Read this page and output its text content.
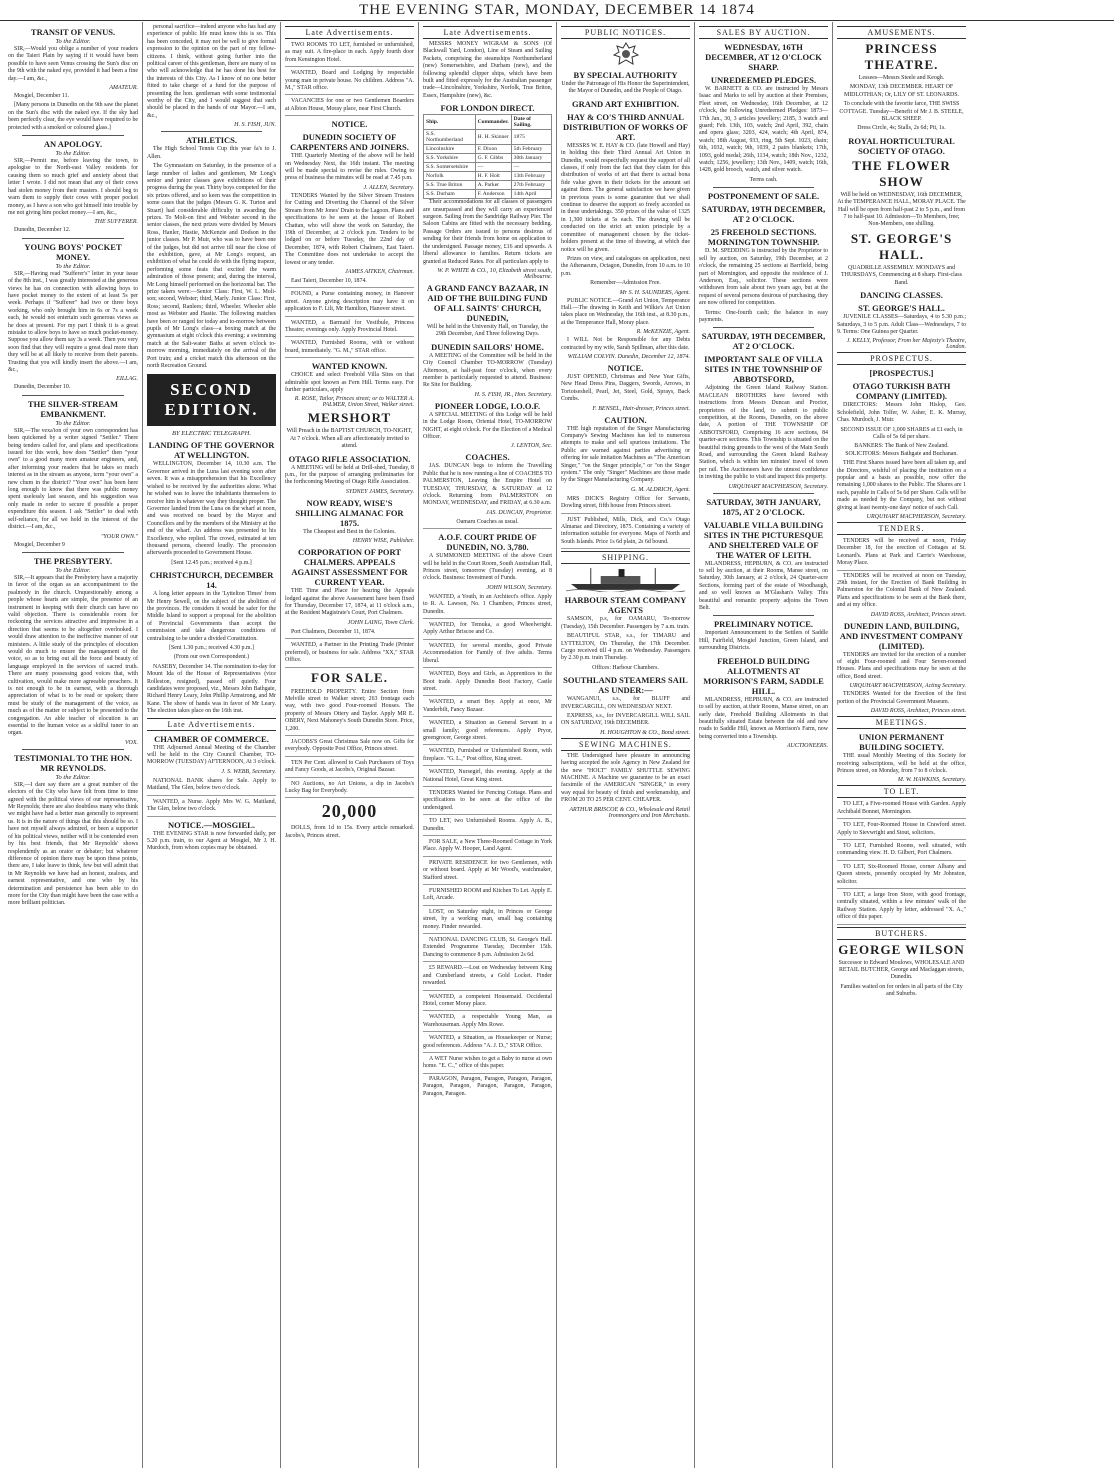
THE EVENING STAR, MONDAY, DECEMBER 14 1874
TRANSIT OF VENUS.
To the Editor.

SIR,—Would you oblige a number of your readers on the Taieri Plain by saying if it would have been possible to have seen Venus crossing the Sun's disc on the 9th with the naked eye, provided it had been a fine day.—I am, &c.,

AMATEUR.

Mosgiel, December 11.

[Many persons in Dunedin on the 9th saw the planet on the Sun's disc with the naked eye. If the sky had been perfectly clear, the eye would have required to be protected with a smoked or coloured glass.]

AN APOLOGY.
To the Editor.

SIR,—Permit me, before leaving the town, to apologise to the North-east Valley residents for causing them so much grief and anxiety about that letter I wrote. I did not mean that any of their cows had stolen money from their masters. I should beg to warn them to supply their cows with proper pocket money, as I have a son who got himself into trouble by me not giving him pocket money.—I am, &c.,

THE SUFFERER.

Dunedin, December 12.

YOUNG BOYS' POCKET MONEY.
To the Editor.

SIR,—Having read "Sufferer's" letter in your issue of the 8th inst., I was greatly interested at the generous views he has on connection with allowing boys to have pocket money to the extent of at least 5s per week. Perhaps if "Sufferer" had two or three boys working, who only brought him in 6s or 7s a week each, he would not entertain such generous views as he does at present. For my part I think it is a great mistake to allow boys to have so much pocket-money. Suppose you allow them say 3s a week. Then you very soon find that they will require a great deal more than they will be at all likely to receive from their parents. Trusting that you will kindly insert the above.—I am, &c.,

EILLAG.

Dunedin, December 10.

THE SILVER-STREAM EMBANKMENT.
To the Editor.

SIR,—The vexa'ion of your own correspondent has been quickened by a writer signed "Settler." There being tenders called for, and plans and specifications issued for this work, how does "Settler" then "your own" to a good many more amateur engineers, and, after informing your readers that he takes so much interest as in the stream as anyone, term "your own" a new chum in the district? "Your own" has been here long enough to know that there was public money spent uselessly last season, and his suggestion was only made in order to secure if possible a proper expenditure this season. I ask "Settler" to deal with self-reliance, for all we hold in the interest of the district.—I am, &c.,

"YOUR OWN."

Mosgiel, December 9

THE PRESBYTERY.
To the Editor.

SIR,—It appears that the Presbytery have a majority in favor of the organ as an accompaniment to the psalmody in the church. Unquestionably among a people whose hearts are simple, the presence of an instrument in keeping with their church can have no valid objection. There is considerable room for reckoning the services attractive and impressive in a direction that seems to be altogether overlooked. I would draw attention to the ineffective manner of our ministers. A little study of the principles of elocution would do much to ensure the management of the voice, so as to bring out all the force and beauty of language employed in the services of sacred truth. There are many possessing good voices that, with cultivation, would make more agreeable preachers. It is not enough to be in earnest, with a thorough appreciation of what is to be read or spoken; there must be study of the management of the voice, as much as of the matter or subject to be presented to the congregation. An able teacher of elocution is an essential to the human voice as a skilful tuner to an organ.

VOX.
TESTIMONIAL TO THE HON. MR REYNOLDS.
To the Editor.

SIR,—I dare say there are a great number of the electors of the City who have felt from time to time agreed with the political views of our representative, Mr Reynolds; there are also doubtless many who think we might have had a better man generally to represent us. It is in the nature of things that this should be so. I have not myself always admired, or been a supporter of his political views, neither will it be contended even by his best friends, that Mr Reynolds' shows resplendently as an orator or debater; but whatever difference of opinion there may be upon these points, there are, I take leave to think, few but will admit that in Mr Reynolds we have had an honest, zealous, and earnest representative, and one who by his determination and persistence has been able to do more for the City than might have been the case with a more brilliant politician.

personal sacrifice—indeed anyone who has had any experience of public life must know this is so. This has been conceded, it may not be well to give formal expression to the opinion on the part of my fellow-citizens. I think, without going further into the political career of this gentleman, there are many of us who will acknowledge that he has done his best for the interests of this City. As I know of no one better fitted to take charge of a fund for the purpose of presenting the hon. gentleman with some testimonial worthy of the City, and I would suggest that such should be placed in the hands of our Mayor.—I am, &c.,

H. S. FISH, JUN.
ATHLETICS.

The High School Tennis Cup this year fa's to J. Allen.

The Gymnasium on Saturday, in the presence of a large number of ladies and gentlemen, Mr Long's senior and junior classes gave exhibitions of their progress during the year. Thirty boys competed for the six prizes offered, and so keen was the competition in some cases that the judges (Messrs G. K. Turton and Stuart) had considerable difficulty in awarding the prizes. To Moli-on first and Webster second in the senior classes, the next prizes were divided by Messrs Ross, Hanler, Hastie, McKenzie and Dodson in the junior classes. Mr P. Muir, who was to have been one of the judges, but did not arrive till near the close of the exhibition, gave, at Mr Long's request, an exhibition of what he could do with the flying trapeze, performing some feats that excited the warm admiration of those present; and, during the interval, Mr Long himself performed on the horizontal bar. The prize takers were:—Senior Class: First, W. L. Moli-son; second, Webster; third, Marly. Junior Class: First, Ross; second, Ranlees; third, Wheeler. Wheeler able most as Webster and Hastie. The following matches have been or ranged for today and to-morrow between pupils of Mr Long's class—a boxing match at the gymnasium at eight o'clock this evening; a swimming match at the Salt-water Baths at seven o'clock to-morrow morning, immediately on the arrival of the Port train; and a cricket match this afternoon on the north Recreation Ground.

SECOND EDITION.
BY ELECTRIC TELEGRAPH.
LANDING OF THE GOVERNOR AT WELLINGTON.

WELLINGTON, December 14, 10.30 a.m. The Governor arrived in the Luna last evening soon after seven. It was a misapprehension that his Excellency wished to be received by the authorities alone. What he wished was to leave the inhabitants themselves to receive him in whatever way they thought proper. The Governor landed from the Luna on the wharf at noon, and was received on board by the Mayor and Councillors and by the members of the Ministry at the end of the wharf. An address was presented to his Excellency, who replied. The crowd, estimated at ten thousand persons, cheered loudly. The procession afterwards proceeded to Government House.

[Sent 12.45 p.m.; received 4 p.m.]

CHRISTCHURCH, DECEMBER 14.

A long letter appears in the 'Lyttelton Times' from Mr Henry Sewell, on the subject of the abolition of the provinces. He considers it would be safer for the Middle Island to support a proposal for the abolition of Provincial Governments than accept the commission and take dangerous conditions of centralising to be under a divided Constitution.

[Sent 1.30 p.m.; received 4.30 p.m.]

(From our own Correspondent.)

NASEBY, December 14. The nomination to-day for Mount Ida of the House of Representatives (vice Rolleston, resigned), passed off quietly. Four candidates were proposed, viz., Messrs John Bathgate, Richard Henry Leary, John Phillip Armstrong, and Mr Kane. The show of hands was in favor of Mr Leary. The election takes place on the 16th inst.

Late Advertisements.
CHAMBER OF COMMERCE.

THE Adjourned Annual Meeting of the Chamber will be held in the City Council Chamber, TO-MORROW (TUESDAY) AFTERNOON, At 3 o'clock.

J. S. WEBB, Secretary.

NATIONAL BANK shares for Sale. Apply to Maitland, The Glen, below two o'clock.

WANTED, a Nurse. Apply Mrs W. G. Maitland, The Glen, below two o'clock.

NOTICE.—MOSGIEL.

THE EVENING STAR is now forwarded daily, per 5.20 p.m. train, to our Agent at Mosgiel, Mr J. H. Murdoch, from whom copies may be obtained.

Late Advertisements.

TWO ROOMS TO LET, furnished or unfurnished, as may suit. A fire-place in each. Apply fourth door from Kensington Hotel.

WANTED, Board and Lodging by respectable young man in private house. No children. Address "A. M.," STAR office.

VACANCIES for one or two Gentlemen Boarders at Albion House, Moray place, near First Church.

NOTICE.
DUNEDIN SOCIETY OF CARPENTERS AND JOINERS.

THE Quarterly Meeting of the above will be held on Wednesday Next, the 16th instant. The meeting will be made special to revise the rules. Owing to press of business the minutes will be read at 7.45 p.m.

J. ALLEN, Secretary.

TENDERS Wanted by the Silver Stream Trustees for Cutting and Diverting the Channel of the Silver Stream from Mr Jones' Drain to the Lagoon. Plans and specifications to be seen at the house of Robert Chattan, who will show the work on Saturday, the 19th of December, at 2 o'clock p.m. Tenders to be lodged on or before Tuesday, the 22nd day of December, 1874, with Robert Chalmers, East Taieri. The Committee does not undertake to accept the lowest or any tender.

JAMES AITKEN, Chairman.

East Taieri, December 10, 1874.

FOUND, a Purse containing money, in Hanover street. Anyone giving description may have it on application to F. Lilt, Mr Hamilton, Hanover street.

WANTED, a Barmaid for Vestibule, Princess Theatre; evenings only. Apply Provincial Hotel.

WANTED, Furnished Rooms, with or without board, immediately. "G. M.," STAR office.

WANTED KNOWN.

CHOICE and select Freehold Villa Sites on that admirable spot known as Fern Hill. Terms easy. For further particulars, apply

R. ROSE, Tailor, Princes street; or to WALTER A. PALMER, Union Street, Walker street.
MERSHORT

Will Preach in the BAPTIST CHURCH, TO-NIGHT, At 7 o'clock. When all are affectionately invited to attend.

OTAGO RIFLE ASSOCIATION.

A MEETING will be held at Drill-shed, Tuesday, 8 p.m., for the purpose of arranging preliminaries for the forthcoming Meeting of Otago Rifle Association.

SYDNEY JAMES, Secretary.
NOW READY, WISE'S SHILLING ALMANAC FOR 1875.

The Cheapest and Best in the Colonies.

HENRY WISE, Publisher.
CORPORATION OF PORT CHALMERS. APPEALS AGAINST ASSESSMENT FOR CURRENT YEAR.

THE Time and Place for hearing the Appeals lodged against the above Assessment have been fixed for Thursday, December 17, 1874, at 11 o'clock a.m., at the Resident Magistrate's Court, Port Chalmers.

JOHN LAING, Town Clerk.

Port Chalmers, December 11, 1874.

WANTED, a Partner in the Printing Trade (Printer preferred), or business for sale. Address "XX," STAR Office.

FOR SALE.

FREEHOLD PROPERTY. Entire Section from Melville street to Walker street; 263 frontage each way, with two good Four-roomed Houses. The property of Messrs Ottery and Taylor. Apply MR E. OBERY, Next Mahoney's South Dunedin Store. Price, 1,200.

JACOBS'S Great Christmas Sale now on. Gifts for everybody. Opposite Post Office, Princes street.

TEN Per Cent. allowed to Cash Purchasers of Toys and Fancy Goods, at Jacobs's, Original Bazaar.

NO Auctions, no Art Unions, a dip in Jacobs's Lucky Bag for Everybody.

20,000

DOLLS, from 1d to 15s. Every article remarked. Jacobs's, Princes street.

Late Advertisements.

MESSRS MONEY WIGRAM & SONS (Of Blackwall Yard, London), Line of Steam and Sailing Packets, comprising the steamships Northumberland (new) Somersetshire, and Durham (new), and the following splendid clipper ships, which have been built and fitted expressly for the Australian passenger trade—Lincolnshire, Yorkshire, Norfolk, True Briton, Essex, Hampshire (new), &c.

FOR LONDON DIRECT.
Ship.	Commander.	Date of Sailing.
S.S. Northumberland	H. H. Skinner	1875
Lincolnshire	F. Dixon	5th February
S.S. Yorkshire	G. F. Gibbs	30th January
S.S. Somersetshire	—	—
Norfolk	H. F. Holt	13th February
S.S. True Briton	A. Parker	27th February
S.S. Durham	F. Anderson	14th April

Their accommodations for all classes of passengers are unsurpassed and they will carry an experienced surgeon. Sailing from the Sandridge Railway Pier. The Saloon Cabins are fitted with the necessary bedding. Passage Orders are issued to persons desirous of sending for their friends from home on application to the undersigned. Passage money, £16 and upwards. A liberal allowance to families. Return tickets are granted at Reduced Rates. For all particulars apply to

W. P. WHITE & CO., 10, Elizabeth street south, Melbourne.
A GRAND FANCY BAZAAR, IN AID OF THE BUILDING FUND OF ALL SAINTS' CHURCH, DUNEDIN,

Will be held in the University Hall, on Tuesday, the 29th December, And Three following Days.

DUNEDIN SAILORS' HOME.

A MEETING of the Committee will be held in the City Council Chamber TO-MORROW (Tuesday) Afternoon, at half-past four o'clock, when every member is particularly requested to attend. Business: Re Site for Building.

H. S. FISH, JR., Hon. Secretary.
PIONEER LODGE, I.O.O.F.

A SPECIAL MEETING of this Lodge will be held in the Lodge Room, Oriental Hotel, TO-MORROW NIGHT, at eight o'clock. For the Election of a Medical Officer.

J. LENTON, Sec.
COACHES.

JAS. DUNCAN begs to inform the Travelling Public that he is now running a line of COACHES TO PALMERSTON, Leaving the Empire Hotel on TUESDAY, THURSDAY, & SATURDAY at 12 o'clock. Returning from PALMERSTON on MONDAY, WEDNESDAY, and FRIDAY, at 6.30 a.m.

JAS. DUNCAN, Proprietor.

Oamaru Coaches as usual.

A.O.F. COURT PRIDE OF DUNEDIN, NO. 3,780.

A SUMMONED MEETING of the above Court will be held in the Court Room, South Australian Hall, Princes street, tomorrow (Tuesday) evening, at 8 o'clock. Business: Investment of Funds.

JOHN WILSON, Secretary.

WANTED, a Youth, in an Architect's office. Apply to R. A. Lawson, No. 1 Chambers, Princes street, Dunedin.

WANTED, for Temuka, a good Wheelwright. Apply Arthur Briscoe and Co.

WANTED, for several months, good Private Accommodation for Family of five adults. Terms liberal.

WANTED, Boys and Girls, as Apprentices to the Boot trade. Apply Dunedin Boot Factory, Castle street.

WANTED, a smart Boy. Apply at once, Mr Vanderbilt, Fancy Bazaar.

WANTED, a Situation as General Servant in a small family; good references. Apply Pryor, greengrocer, George street.

WANTED, Furnished or Unfurnished Room, with fireplace. "G. L.," Post office, King street.

WANTED, Nursegirl, this evening. Apply at the National Hotel, Great King street.

TENDERS Wanted for Fencing Cottage. Plans and specifications to be seen at the office of the undersigned.

TO LET, two Unfurnished Rooms. Apply A. B., Dunedin.

FOR SALE, a New Three-Roomed Cottage in York Place. Apply W. Hooper, Land Agent.

PRIVATE RESIDENCE for two Gentlemen, with or without board. Apply at Mr Wood's, watchmaker, Stafford street.

FURNISHED ROOM and Kitchen To Let. Apply E. Loft, Arcade.

LOST, on Saturday night, in Princes or George street, by a working man, small bag containing money. Finder rewarded.

NATIONAL DANCING CLUB, St. George's Hall. Extended Programme Tuesday, December 15th. Dancing to commence 8 p.m. Admission 2s 6d.

£5 REWARD.—Lost on Wednesday between King and Cumberland streets, a Gold Locket. Finder rewarded.

WANTED, a competent Housemaid. Occidental Hotel, corner Moray place.

WANTED, a respectable Young Man, as Warehouseman. Apply Mrs Rowe.

WANTED, a Situation, as Housekeeper or Nurse; good references. Address "A. J. D.," STAR Office.

A WET Nurse wishes to get a Baby to nurse at own home. "E. C.," office of this paper.

PARAGON, Paragon, Paragon, Paragon, Paragon, Paragon, Paragon, Paragon, Paragon, Paragon, Paragon, Paragon.

PUBLIC NOTICES.
BY SPECIAL AUTHORITY

Under the Patronage of His Honor the Superintendent, the Mayor of Dunedin, and the People of Otago.

GRAND ART EXHIBITION.
HAY & CO'S THIRD ANNUAL DISTRIBUTION OF WORKS OF ART.

MESSRS W. E. HAY & CO. (late Howell and Hay) in holding this their Third Annual Art Union in Dunedin, would respectfully request the support of all classes, if only from the fact that they claim for this distribution of works of art that there is actual bona fide value given in their tickets for the amount set against them. The general satisfaction we have given in previous years is some guarantee that we shall continue to deserve the support so freely accorded us in these undertakings. 350 prizes of the value of 1325 in 1,300 tickets at 5s each. The drawing will be conducted on the strict art union principle by a committee of management chosen by the ticket-holders present at the time of drawing, at which due notice will be given.

Prizes on view, and catalogues on application, next the Athenaeum, Octagon, Dunedin, from 10 a.m. to 10 p.m.

Remember—Admission Free.

Mr S. H. SAUNDERS, Agent.

PUBLIC NOTICE.—Grand Art Union, Temperance Hall.—The drawing in Keith and Wilkie's Art Union takes place on Wednesday, the 16th inst., at 8.30 p.m., at the Temperance Hall, Moray place.

R. McKENZIE, Agent.

I WILL Not be Responsible for any Debts contracted by my wife, Sarah Spillman, after this date.

WILLIAM COLVIN. Dunedin, December 12, 1874.
NOTICE.

JUST OPENED, Christmas and New Year Gifts, New Head Dress Pins, Daggers, Swords, Arrows, in Tortoiseshell, Pearl, Jet, Steel, Gold, Sprays, Back Combs.

F. BENSEL, Hair-dresser, Princes street.
CAUTION.

THE high reputation of the Singer Manufacturing Company's Sewing Machines has led to numerous attempts to make and sell spurious imitations. The Public are warned against parties advertising or offering for sale imitation Machines as "The American Singer," "on the Singer principle," or "on the Singer system." The only "Singer" Machines are those made by the Singer Manufacturing Company.

G. M. ALDRICH, Agent.

MRS DICK'S Registry Office for Servants, Dowling street, fifth house from Princes street.

JUST Published, Mills, Dick, and Co.'s Otago Almanac and Directory, 1875. Containing a variety of information suitable for everyone. Maps of North and South Islands. Price 1s 6d plain, 2s 6d bound.

SHIPPING.
HARBOUR STEAM COMPANY AGENTS

SAMSON, p.s, for OAMARU, To-morrow (Tuesday), 15th December. Passengers by 7 a.m. train.

BEAUTIFUL STAR, s.s., for TIMARU and LYTTELTON, On Thursday, the 17th December. Cargo received till 4 p.m. on Wednesday. Passengers by 2.30 p.m. train Thursday.

Offices: Harbour Chambers.

SOUTHLAND STEAMERS SAIL AS UNDER:—

WANGANUI, s.s., for BLUFF and INVERCARGILL, ON WEDNESDAY NEXT.

EXPRESS, s.s., for INVERCARGILL WILL SAIL ON SATURDAY, 19th DECEMBER.

H. HOUGHTON & CO., Bond street.
SEWING MACHINES.

THE Undersigned have pleasure in announcing having accepted the sole Agency in New Zealand for the new "HOLT" FAMILY SHUTTLE SEWING MACHINE. A Machine we guarantee to be an exact facsimile of the AMERICAN "SINGER," in every way equal for beauty of finish and workmanship, and FROM 20 TO 25 PER CENT. CHEAPER.

ARTHUR BRISCOE & CO., Wholesale and Retail Ironmongers and Iron Merchants.
SALES BY AUCTION.
WEDNESDAY, 16TH DECEMBER, AT 12 O'CLOCK SHARP.
UNREDEEMED PLEDGES.

W. BARNETT & CO. are instructed by Messrs Isaac and Marks to sell by auction at their Premises, Fleet street, on Wednesday, 16th December, at 12 o'clock, the following Unredeemed Pledges: 1873—17th Jan., 30, 3 articles jewellery; 2185, 3 watch and guard; Feb. 13th, 103, watch; 2nd April, 392, chain and opera glass; 3203, 424, watch; 4th April, 874, watch; 18th August, 933, ring, 5th Sept. 1023, chain; 6th, 1032, watch; 9th, 1039, 2 pairs blankets; 17th, 1093, gold medal; 26th, 1134, watch; 18th Nov., 1232, watch; 1256, jewellery; 13th Nov., 1409, watch; 16th, 1428, gold brooch, watch, and silver watch.

Terms cash.

POSTPONEMENT OF SALE.
SATURDAY, 19TH DECEMBER, AT 2 O'CLOCK.
25 FREEHOLD SECTIONS. MORNINGTON TOWNSHIP.

D. M. SPEDDING is instructed by the Proprietor to sell by auction, on Saturday, 19th December, at 2 o'clock, the remaining 25 sections at Barrfield, being part of Mornington, and opposite the residence of J. Anderson, Esq., solicitor. These sections were withdrawn from sale about two years ago, but at the request of several persons desirous of purchasing, they are now offered for competition.

Terms: One-fourth cash; the balance in easy payments.

SATURDAY, 19TH DECEMBER, AT 2 O'CLOCK.
IMPORTANT SALE OF VILLA SITES IN THE TOWNSHIP OF ABBOTSFORD,

Adjoining the Green Island Railway Station. MACLEAN BROTHERS have favored with instructions from Messrs Duncan and Proctor, proprietors of the land, to submit to public competition, at the Rooms, Dunedin, on the above date, A portion of THE TOWNSHIP OF ABBOTSFORD, Comprising 16 acre sections, 84 quarter-acre sections. This Township is situated on the beautiful rising grounds to the west of the Main South Road, and surrounding the Green Island Railway Station, which is within ten minutes' travel of town per rail. The Auctioneers have the utmost confidence in inviting the public to visit and inspect this property.

URQUHART MACPHERSON, Secretary.
SATURDAY, 30TH JANUARY, 1875, AT 2 O'CLOCK.
VALUABLE VILLA BUILDING SITES IN THE PICTURESQUE AND SHELTERED VALE OF THE WATER OF LEITH.

MLANDRESS, HEPBURN, & CO. are instructed to sell by auction, at their Rooms, Manse street, on Saturday, 30th January, at 2 o'clock, 24 Quarter-acre Sections, forming part of the estate of Woodhaugh, and so well known as M'Glashan's Valley. This beautiful and romantic property adjoins the Town Belt.

PRELIMINARY NOTICE.

Important Announcement to the Settlers of Saddle Hill, Fairfield, Mosgiel Junction, Green Island, and surrounding Districts.

FREEHOLD BUILDING ALLOTMENTS AT MORRISON'S FARM, SADDLE HILL.

MLANDRESS, HEPBURN, & CO. are instructed to sell by auction, at their Rooms, Manse street, on an early date, Freehold Building Allotments in that beautifully situated Estate between the old and new roads to Saddle Hill, known as Morrison's Farm, now being converted into a Township.

AUCTIONEERS.
AMUSEMENTS.
PRINCESS THEATRE.

Lessees—Messrs Steele and Keogh.

MONDAY, 13th DECEMBER. HEART OF MIDLOTHIAN; Or, LILY OF ST. LEONARDS.

To conclude with the favorite farce, THE SWISS COTTAGE. Tuesday—Benefit of Mr J. B. STEELE, BLACK SHEEP.

Dress Circle, 4s; Stalls, 2s 6d; Pit, 1s.

ROYAL HORTICULTURAL SOCIETY OF OTAGO.
THE FLOWER SHOW

Will be held on WEDNESDAY, 16th DECEMBER, At the TEMPERANCE HALL, MORAY PLACE. The Hall will be open from half-past 2 to 5 p.m., and from 7 to half-past 10. Admission—To Members, free; Non-Members, one shilling.

ST. GEORGE'S HALL.

QUADRILLE ASSEMBLY. MONDAYS and THURSDAYS, Commencing at 8 sharp. First-class Band.

DANCING CLASSES.
ST. GEORGE'S HALL.

JUVENILE CLASSES—Saturdays, 4 to 5.30 p.m.; Saturdays, 3 to 5 p.m. Adult Class—Wednesdays, 7 to 9. Terms: One Guinea per Quarter.

J. KELLY, Professor, From her Majesty's Theatre, London.
PROSPECTUS.
[PROSPECTUS.]
OTAGO TURKISH BATH COMPANY (LIMITED).

DIRECTORS: Messrs John Hislop, Geo. Scholefield, John Tolfer, W. Asher, E. K. Murray, Chas. Murdoch, J. Muir.

SECOND ISSUE OF 1,000 SHARES at £1 each, in Calls of 5s 6d per share.

BANKERS: The Bank of New Zealand. SOLICITORS: Messrs Bathgate and Buchanan.

THE First Shares issued have been all taken up, and the Directors, wishful of placing the institution on a popular and a basis as possible, now offer the remaining 1,000 shares to the Public. The Shares are 1 each, payable in Calls of 5s 6d per Share. Calls will be made as needed by the Company, but not without giving at least twenty-one days' notice of such Call.

URQUHART MACPHERSON, Secretary.
TENDERS.

TENDERS will be received at noon, Friday December 18, for the erection of Cottages at St. Leonard's. Plans at Park and Carrie's Warehouse, Moray Place.

TENDERS will be received at noon on Tuesday, 29th instant, for the Erection of Bank Building in Palmerston for the Colonial Bank of New Zealand. Plans and specifications to be seen at the Bank there, and at my office.

DAVID ROSS, Architect, Princes street.
DUNEDIN LAND, BUILDING, AND INVESTMENT COMPANY (LIMITED).

TENDERS are invited for the erection of a number of eight Four-roomed and Four Seven-roomed Houses. Plans and specifications may be seen at the office, Bond street.

URQUHART MACPHERSON, Acting Secretary.

TENDERS Wanted for the Erection of the first portion of the Provincial Government Museum.

DAVID ROSS, Architect, Princes street.
MEETINGS.
UNION PERMANENT BUILDING SOCIETY.

THE usual Monthly Meeting of this Society for receiving subscriptions, will be held at the office, Princes street, on Monday, from 7 to 8 o'clock.

M. W. HAWKINS, Secretary.
TO LET.

TO LET, a Five-roomed House with Garden. Apply Archibald Bonnet, Mornington.

TO LET, Four-Roomed House in Crawford street. Apply to Sievwright and Stout, solicitors.

TO LET, Furnished Rooms, well situated, with commanding view. H. D. Gilbert, Port Chalmers.

TO LET, Six-Roomed House, corner Albany and Queen streets, presently occupied by Mr Johnston, solicitor.

TO LET, a large Iron Store, with good frontage, centrally situated, within a few minutes' walk of the Railway Station. Apply by letter, addressed "X. A.," office of this paper.

BUTCHERS.
GEORGE WILSON

Successor to Edward Moulows, WHOLESALE AND RETAIL BUTCHER, George and Maclaggan streets, Dunedin.

Families waited on for orders in all parts of the City and Suburbs.
